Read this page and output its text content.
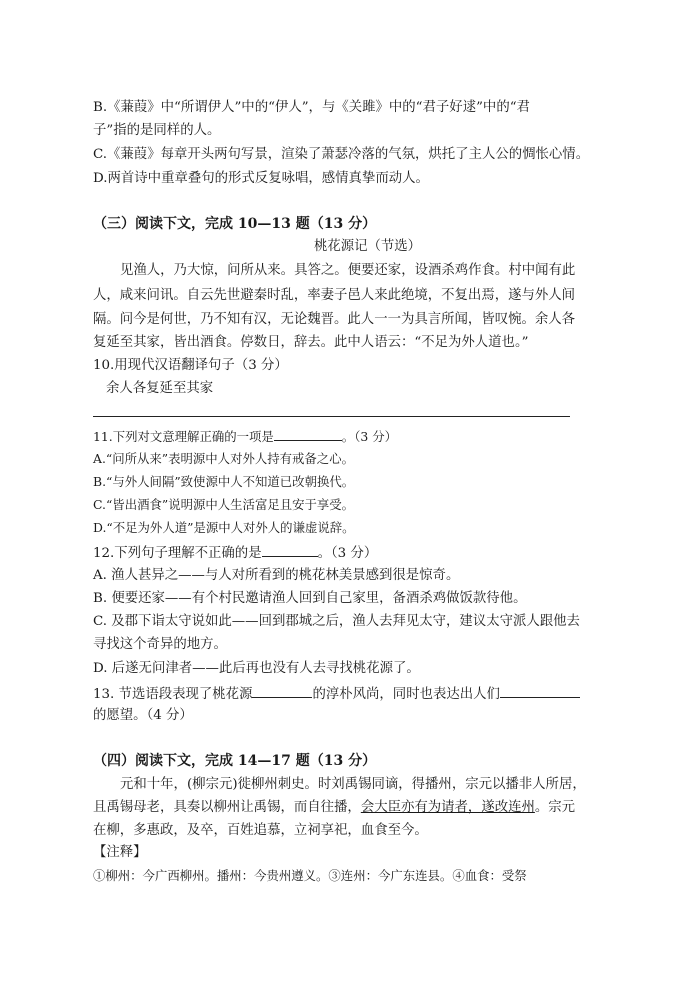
B.《蒹葭》中“所谓伊人”中的“伊人”，与《关雎》中的“君子好逑”中的“君
子”指的是同样的人。
C.《蒹葭》每章开头两句写景，渲染了萧瑟冷落的气氛，烘托了主人公的惆怅心情。
D.两首诗中重章叠句的形式反复咏唱，感情真挚而动人。
（三）阅读下文，完成 10—13 题（13 分）
桃花源记（节选）
见渔人，乃大惊，问所从来。具答之。便要还家，设酒杀鸡作食。村中闻有此
人，咸来问讯。自云先世避秦时乱，率妻子邑人来此绝境，不复出焉，遂与外人间
隔。问今是何世，乃不知有汉，无论魏晋。此人一一为具言所闻，皆叹惋。余人各
复延至其家，皆出酒食。停数日，辞去。此中人语云：“不足为外人道也。”
10.用现代汉语翻译句子（3 分）
余人各复延至其家
11.下列对文意理解正确的一项是	。（3 分）
A.“问所从来”表明源中人对外人持有戒备之心。
B.“与外人间隔”致使源中人不知道已改朝换代。
C.“皆出酒食”说明源中人生活富足且安于享受。
D.“不足为外人道”是源中人对外人的谦虚说辞。
12.下列句子理解不正确的是	。（3 分）
A. 渔人甚异之——与人对所看到的桃花林美景感到很是惊奇。
B. 便要还家——有个村民邀请渔人回到自己家里，备酒杀鸡做饭款待他。
C. 及郡下诣太守说如此——回到郡城之后，渔人去拜见太守，建议太守派人跟他去
寻找这个奇异的地方。
D. 后遂无问津者——此后再也没有人去寻找桃花源了。
13. 节选语段表现了桃花源	的淳朴风尚，同时也表达出人们
的愿望。（4 分）
（四）阅读下文，完成 14—17 题（13 分）
元和十年，(柳宗元)徙柳州刺史。时刘禹锡同谪，得播州，宗元以播非人所居，
且禹锡母老，具奏以柳州让禹锡，而自往播，会大臣亦有为请者，遂改连州。宗元
在柳，多惠政，及卒，百姓追慕，立祠享祀，血食至今。
【注释】
①柳州：今广西柳州。播州：今贵州遵义。③连州：今广东连县。④血食：受祭
